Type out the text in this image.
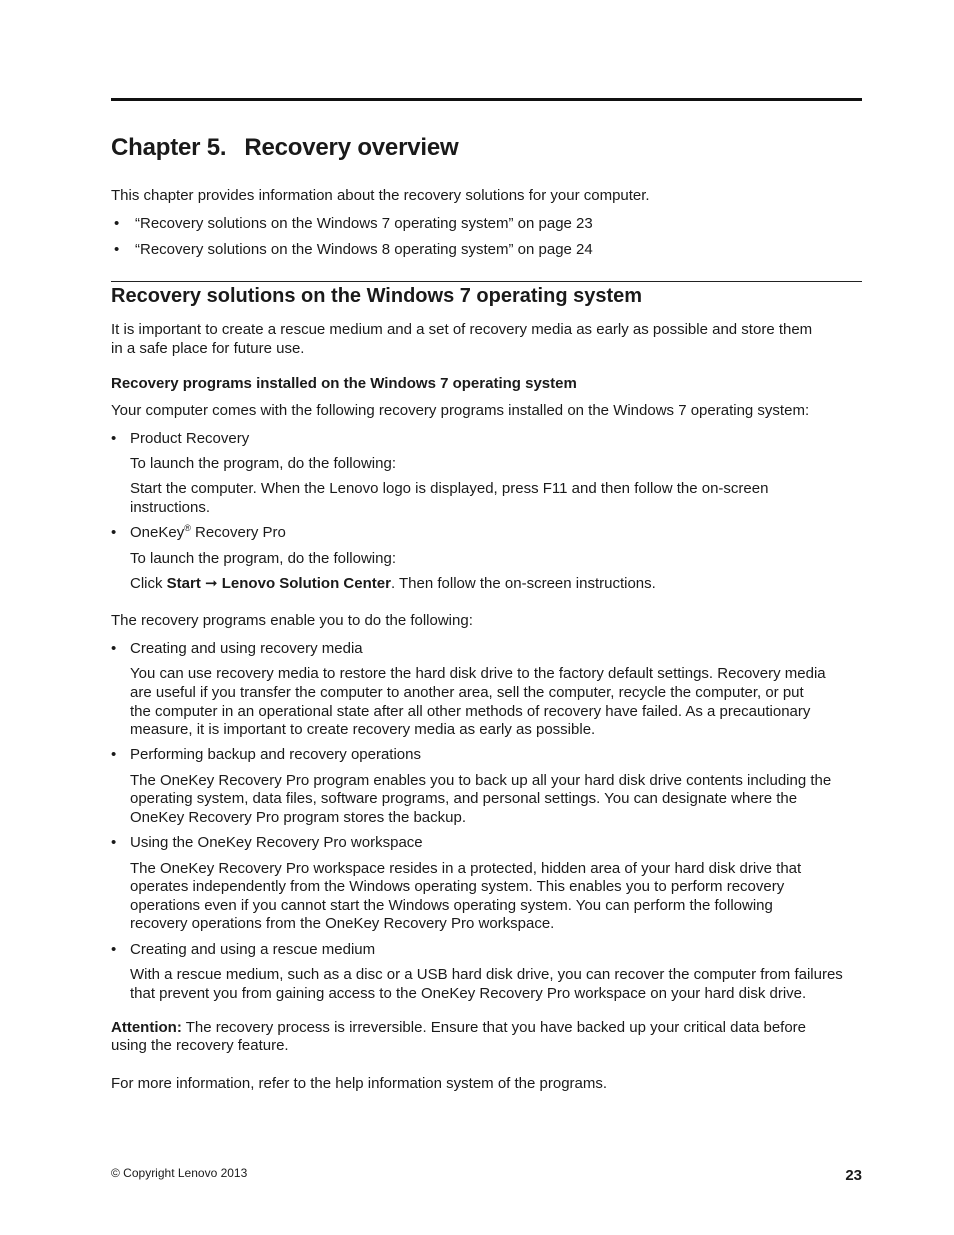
Chapter 5. Recovery overview

This chapter provides information about the recovery solutions for your computer.

• “Recovery solutions on the Windows 7 operating system” on page 23

• “Recovery solutions on the Windows 8 operating system” on page 24

Recovery solutions on the Windows 7 operating system

It is important to create a rescue medium and a set of recovery media as early as possible and store them

in a safe place for future use.

Recovery programs installed on the Windows 7 operating system

Your computer comes with the following recovery programs installed on the Windows 7 operating system:

• Product Recovery

To launch the program, do the following:

Start the computer. When the Lenovo logo is displayed, press F11 and then follow the on-screen

instructions.

• OneKey® Recovery Pro

To launch the program, do the following:

Click Start ➞ Lenovo Solution Center. Then follow the on-screen instructions.

The recovery programs enable you to do the following:

• Creating and using recovery media

You can use recovery media to restore the hard disk drive to the factory default settings. Recovery media

are useful if you transfer the computer to another area, sell the computer, recycle the computer, or put

the computer in an operational state after all other methods of recovery have failed. As a precautionary

measure, it is important to create recovery media as early as possible.

• Performing backup and recovery operations

The OneKey Recovery Pro program enables you to back up all your hard disk drive contents including the

operating system, data files, software programs, and personal settings. You can designate where the

OneKey Recovery Pro program stores the backup.

• Using the OneKey Recovery Pro workspace

The OneKey Recovery Pro workspace resides in a protected, hidden area of your hard disk drive that

operates independently from the Windows operating system. This enables you to perform recovery

operations even if you cannot start the Windows operating system. You can perform the following

recovery operations from the OneKey Recovery Pro workspace.

• Creating and using a rescue medium

With a rescue medium, such as a disc or a USB hard disk drive, you can recover the computer from failures

that prevent you from gaining access to the OneKey Recovery Pro workspace on your hard disk drive.

Attention: The recovery process is irreversible. Ensure that you have backed up your critical data before

using the recovery feature.

For more information, refer to the help information system of the programs.

© Copyright Lenovo 2013	23
